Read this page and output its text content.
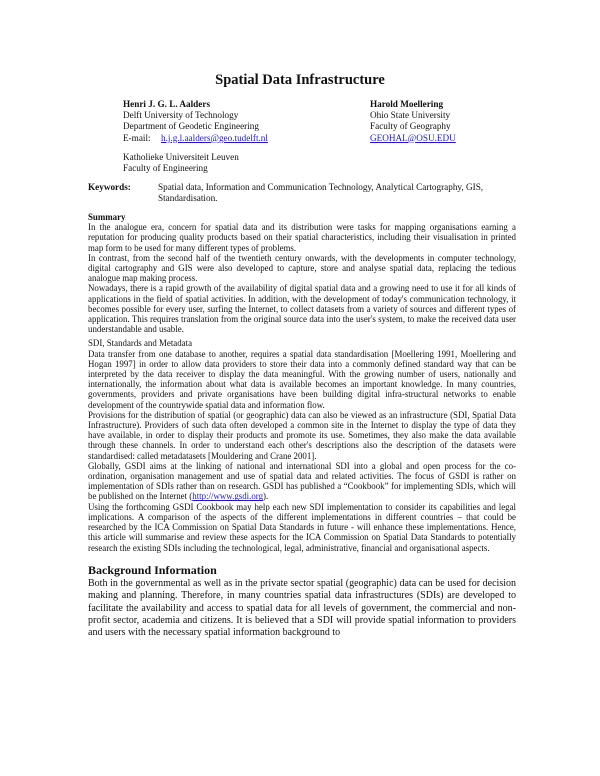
Spatial Data Infrastructure
Henri J. G. L. Aalders
Delft University of Technology
Department of Geodetic Engineering
E-mail: h.j.g.l.aalders@geo.tudelft.nl
Katholieke Universiteit Leuven
Faculty of Engineering
Harold Moellering
Ohio State University
Faculty of Geography
GEOHAL@OSU.EDU
Keywords:	Spatial data, Information and Communication Technology, Analytical Cartography, GIS, Standardisation.

Summary

In the analogue era, concern for spatial data and its distribution were tasks for mapping organisations earning a reputation for producing quality products based on their spatial characteristics, including their visualisation in printed map form to be used for many different types of problems.

In contrast, from the second half of the twentieth century onwards, with the developments in computer technology, digital cartography and GIS were also developed to capture, store and analyse spatial data, replacing the tedious analogue map making process.

Nowadays, there is a rapid growth of the availability of digital spatial data and a growing need to use it for all kinds of applications in the field of spatial activities. In addition, with the development of today's communication technology, it becomes possible for every user, surfing the Internet, to collect datasets from a variety of sources and different types of application. This requires translation from the original source data into the user's system, to make the received data user understandable and usable.

SDI, Standards and Metadata

Data transfer from one database to another, requires a spatial data standardisation [Moellering 1991, Moellering and Hogan 1997] in order to allow data providers to store their data into a commonly defined standard way that can be interpreted by the data receiver to display the data meaningful. With the growing number of users, nationally and internationally, the information about what data is available becomes an important knowledge. In many countries, governments, providers and private organisations have been building digital infra-structural networks to enable development of the countrywide spatial data and information flow.

Provisions for the distribution of spatial (or geographic) data can also be viewed as an infrastructure (SDI, Spatial Data Infrastructure). Providers of such data often developed a common site in the Internet to display the type of data they have available, in order to display their products and promote its use. Sometimes, they also make the data available through these channels. In order to understand each other's descriptions also the description of the datasets were standardised: called metadatasets [Mouldering and Crane 2001].

Globally, GSDI aims at the linking of national and international SDI into a global and open process for the co-ordination, organisation management and use of spatial data and related activities. The focus of GSDI is rather on implementation of SDIs rather than on research. GSDI has published a “Cookbook” for implementing SDIs, which will be published on the Internet (http://www.gsdi.org).

Using the forthcoming GSDI Cookbook may help each new SDI implementation to consider its capabilities and legal implications. A comparison of the aspects of the different implementations in different countries – that could be researched by the ICA Commission on Spatial Data Standards in future - will enhance these implementations. Hence, this article will summarise and review these aspects for the ICA Commission on Spatial Data Standards to potentially research the existing SDIs including the technological, legal, administrative, financial and organisational aspects.

Background Information

Both in the governmental as well as in the private sector spatial (geographic) data can be used for decision making and planning. Therefore, in many countries spatial data infrastructures (SDIs) are developed to facilitate the availability and access to spatial data for all levels of government, the commercial and non-profit sector, academia and citizens. It is believed that a SDI will provide spatial information to providers and users with the necessary spatial information background to
